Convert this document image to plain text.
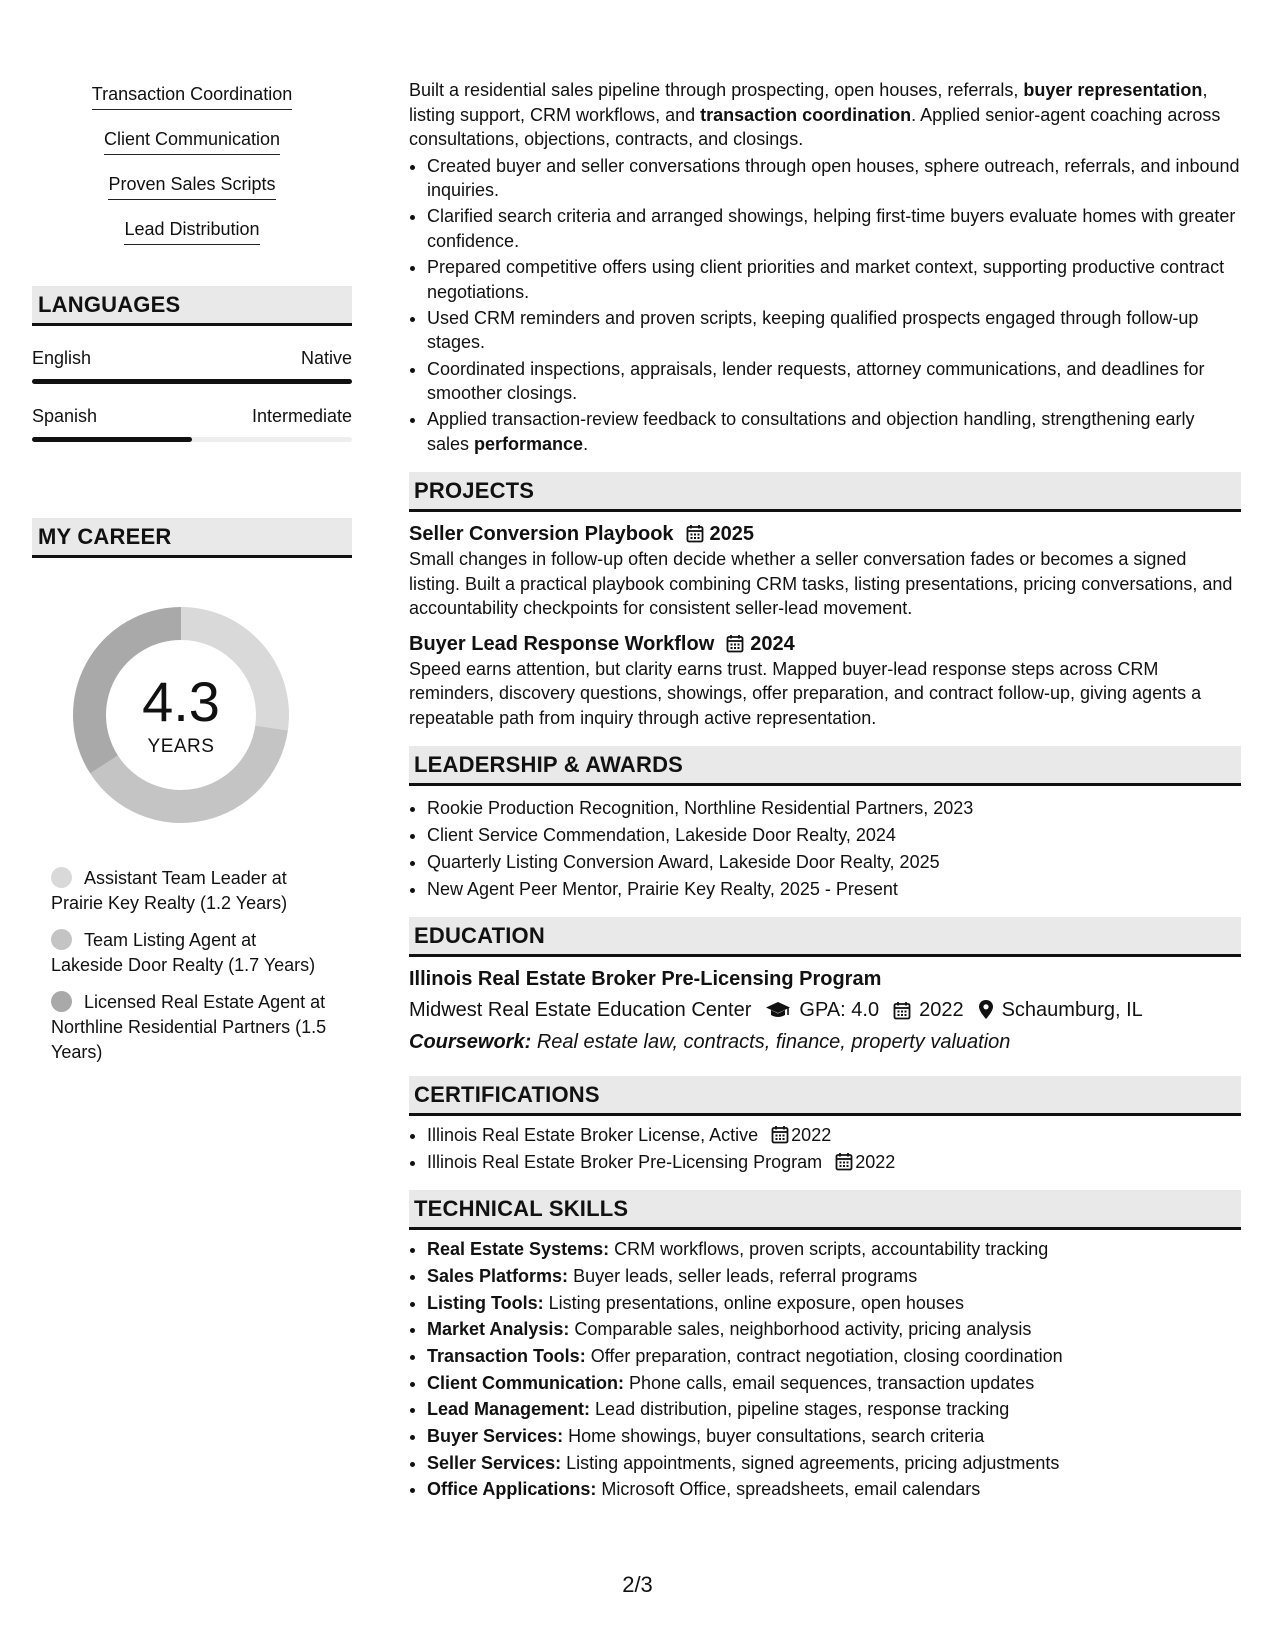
Transaction Coordination
Client Communication
Proven Sales Scripts
Lead Distribution
LANGUAGES
English	Native
Spanish	Intermediate
MY CAREER
4.3
YEARS
Assistant Team Leader at Prairie Key Realty (1.2 Years)
Team Listing Agent at Lakeside Door Realty (1.7 Years)
Licensed Real Estate Agent at Northline Residential Partners (1.5 Years)

Built a residential sales pipeline through prospecting, open houses, referrals, buyer representation, listing support, CRM workflows, and transaction coordination. Applied senior-agent coaching across consultations, objections, contracts, and closings.

• Created buyer and seller conversations through open houses, sphere outreach, referrals, and inbound inquiries.
• Clarified search criteria and arranged showings, helping first-time buyers evaluate homes with greater confidence.
• Prepared competitive offers using client priorities and market context, supporting productive contract negotiations.
• Used CRM reminders and proven scripts, keeping qualified prospects engaged through follow-up stages.
• Coordinated inspections, appraisals, lender requests, attorney communications, and deadlines for smoother closings.
• Applied transaction-review feedback to consultations and objection handling, strengthening early sales performance.
PROJECTS
Seller Conversion Playbook 2025

Small changes in follow-up often decide whether a seller conversation fades or becomes a signed listing. Built a practical playbook combining CRM tasks, listing presentations, pricing conversations, and accountability checkpoints for consistent seller-lead movement.

Buyer Lead Response Workflow 2024

Speed earns attention, but clarity earns trust. Mapped buyer-lead response steps across CRM reminders, discovery questions, showings, offer preparation, and contract follow-up, giving agents a repeatable path from inquiry through active representation.

LEADERSHIP & AWARDS
• Rookie Production Recognition, Northline Residential Partners, 2023
• Client Service Commendation, Lakeside Door Realty, 2024
• Quarterly Listing Conversion Award, Lakeside Door Realty, 2025
• New Agent Peer Mentor, Prairie Key Realty, 2025 - Present
EDUCATION
Illinois Real Estate Broker Pre-Licensing Program
Midwest Real Estate Education Center GPA: 4.0 2022 Schaumburg, IL
Coursework: Real estate law, contracts, finance, property valuation
CERTIFICATIONS
• Illinois Real Estate Broker License, Active 2022
• Illinois Real Estate Broker Pre-Licensing Program 2022
TECHNICAL SKILLS
• Real Estate Systems: CRM workflows, proven scripts, accountability tracking
• Sales Platforms: Buyer leads, seller leads, referral programs
• Listing Tools: Listing presentations, online exposure, open houses
• Market Analysis: Comparable sales, neighborhood activity, pricing analysis
• Transaction Tools: Offer preparation, contract negotiation, closing coordination
• Client Communication: Phone calls, email sequences, transaction updates
• Lead Management: Lead distribution, pipeline stages, response tracking
• Buyer Services: Home showings, buyer consultations, search criteria
• Seller Services: Listing appointments, signed agreements, pricing adjustments
• Office Applications: Microsoft Office, spreadsheets, email calendars
2/3
